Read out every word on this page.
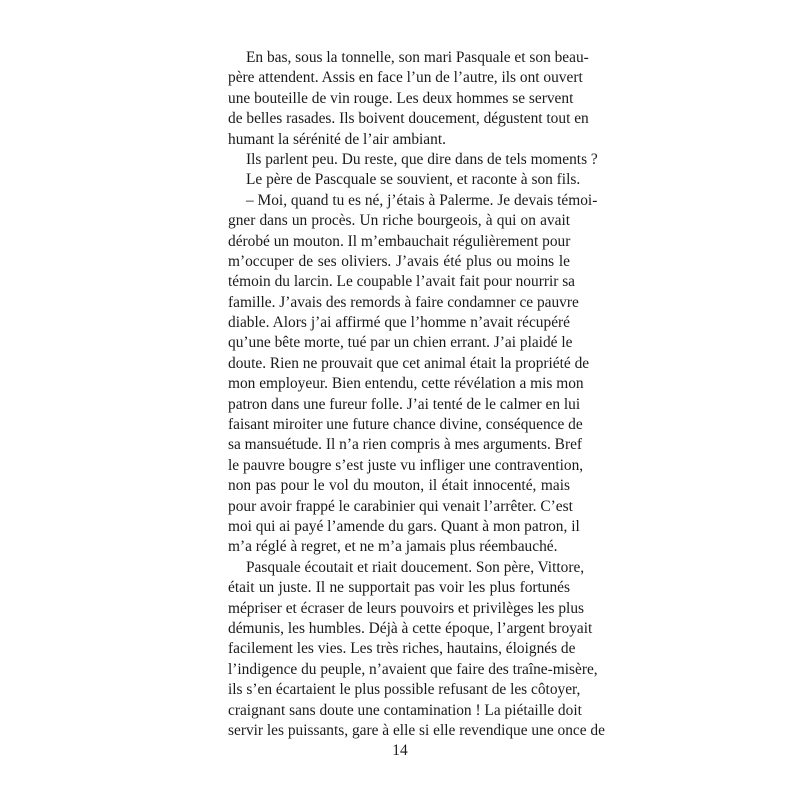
En bas, sous la tonnelle, son mari Pasquale et son beau-
père attendent. Assis en face l’un de l’autre, ils ont ouvert
une bouteille de vin rouge. Les deux hommes se servent
de belles rasades. Ils boivent doucement, dégustent tout en
humant la sérénité de l’air ambiant.
Ils parlent peu. Du reste, que dire dans de tels moments ?
Le père de Pascquale se souvient, et raconte à son fils.
– Moi, quand tu es né, j’étais à Palerme. Je devais témoi-
gner dans un procès. Un riche bourgeois, à qui on avait
dérobé un mouton. Il m’embauchait régulièrement pour
m’occuper de ses oliviers. J’avais été plus ou moins le
témoin du larcin. Le coupable l’avait fait pour nourrir sa
famille. J’avais des remords à faire condamner ce pauvre
diable. Alors j’ai affirmé que l’homme n’avait récupéré
qu’une bête morte, tué par un chien errant. J’ai plaidé le
doute. Rien ne prouvait que cet animal était la propriété de
mon employeur. Bien entendu, cette révélation a mis mon
patron dans une fureur folle. J’ai tenté de le calmer en lui
faisant miroiter une future chance divine, conséquence de
sa mansuétude. Il n’a rien compris à mes arguments. Bref
le pauvre bougre s’est juste vu infliger une contravention,
non pas pour le vol du mouton, il était innocenté, mais
pour avoir frappé le carabinier qui venait l’arrêter. C’est
moi qui ai payé l’amende du gars. Quant à mon patron, il
m’a réglé à regret, et ne m’a jamais plus réembauché.
Pasquale écoutait et riait doucement. Son père, Vittore,
était un juste. Il ne supportait pas voir les plus fortunés
mépriser et écraser de leurs pouvoirs et privilèges les plus
démunis, les humbles. Déjà à cette époque, l’argent broyait
facilement les vies. Les très riches, hautains, éloignés de
l’indigence du peuple, n’avaient que faire des traîne-misère,
ils s’en écartaient le plus possible refusant de les côtoyer,
craignant sans doute une contamination ! La piétaille doit
servir les puissants, gare à elle si elle revendique une once de
14
